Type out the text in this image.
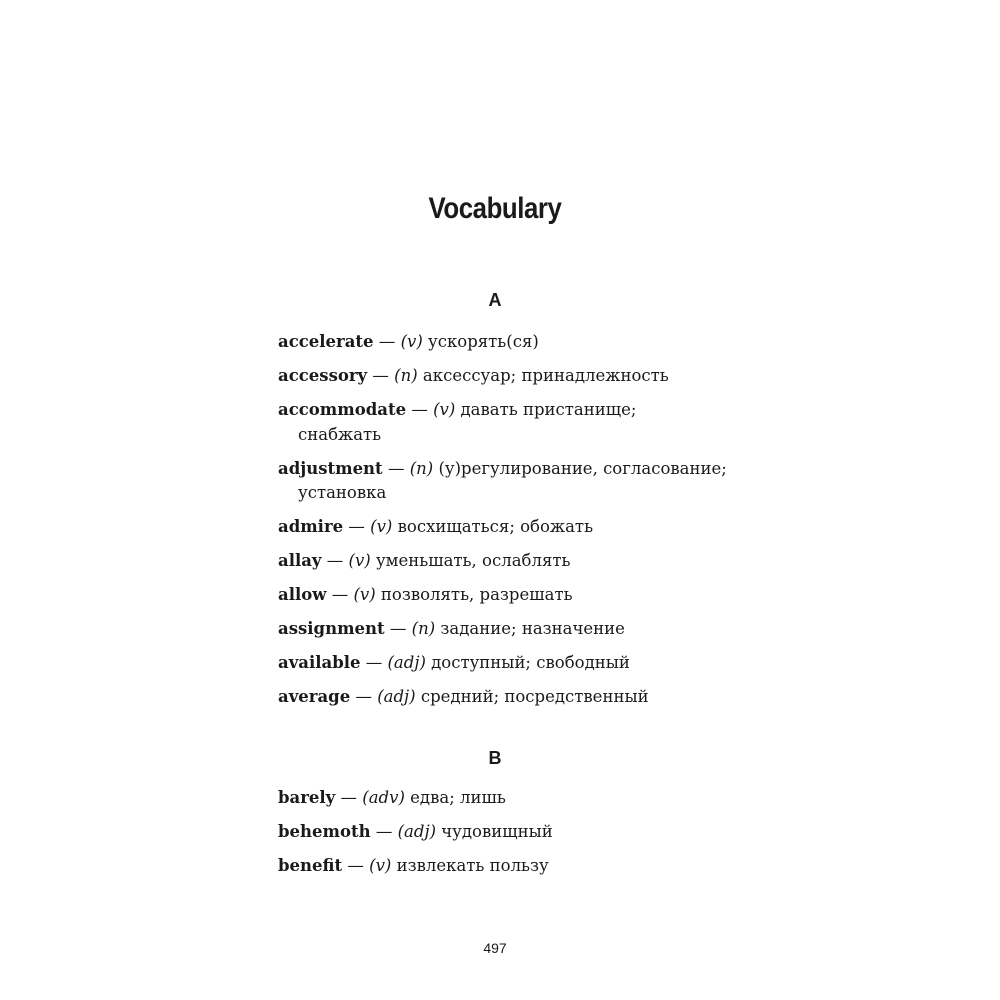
Vocabulary
A
accelerate — (v) ускорять(ся)
accessory — (n) аксессуар; принадлежность
accommodate — (v) давать пристанище;
снабжать
adjustment — (n) (у)регулирование, согласование;
установка
admire — (v) восхищаться; обожать
allay — (v) уменьшать, ослаблять
allow — (v) позволять, разрешать
assignment — (n) задание; назначение
available — (adj) доступный; свободный
average — (adj) средний; посредственный
B
barely — (adv) едва; лишь
behemoth — (adj) чудовищный
benefit — (v) извлекать пользу
497
